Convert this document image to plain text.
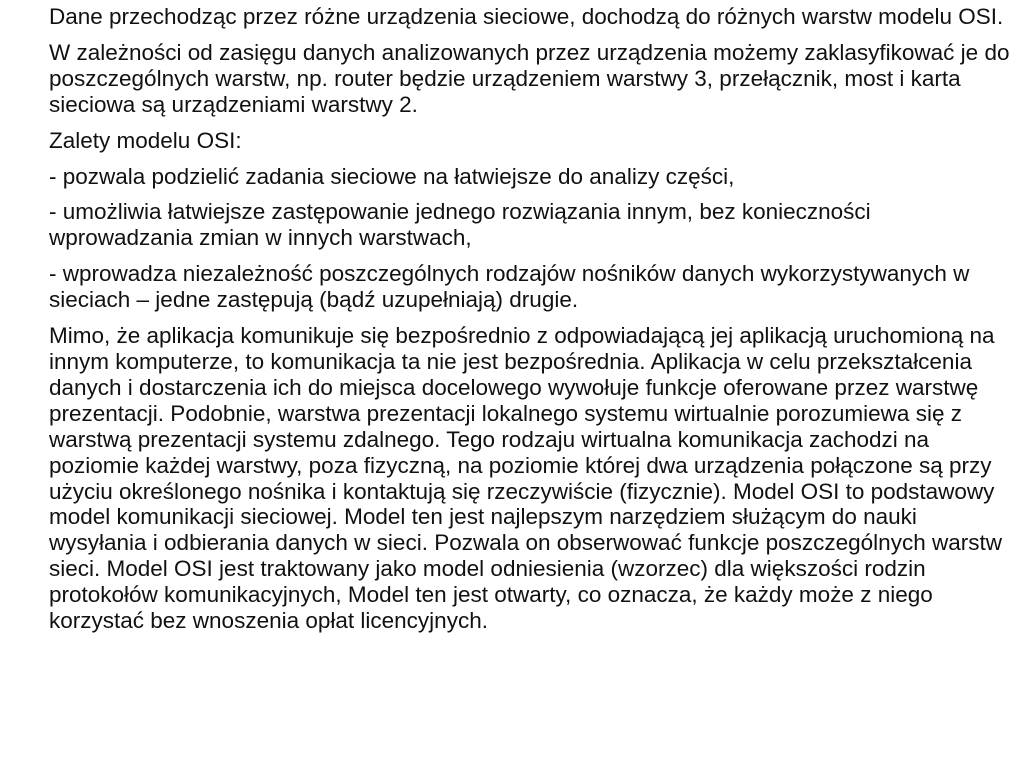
Dane przechodząc przez różne urządzenia sieciowe, dochodzą do różnych warstw modelu OSI.

W zależności od zasięgu danych analizowanych przez urządzenia możemy zaklasyfikować je do poszczególnych warstw, np. router będzie urządzeniem warstwy 3, przełącznik, most i karta sieciowa są urządzeniami warstwy 2.

Zalety modelu OSI:

- pozwala podzielić zadania sieciowe na łatwiejsze do analizy części,

- umożliwia łatwiejsze zastępowanie jednego rozwiązania innym, bez konieczności wprowadzania zmian w innych warstwach,

- wprowadza niezależność poszczególnych rodzajów nośników danych wykorzystywanych w sieciach – jedne zastępują (bądź uzupełniają) drugie.

Mimo, że aplikacja komunikuje się bezpośrednio z odpowiadającą jej aplikacją uruchomioną na innym komputerze, to komunikacja ta nie jest bezpośrednia. Aplikacja w celu przekształcenia danych i dostarczenia ich do miejsca docelowego wywołuje funkcje oferowane przez warstwę prezentacji. Podobnie, warstwa prezentacji lokalnego systemu wirtualnie porozumiewa się z warstwą prezentacji systemu zdalnego. Tego rodzaju wirtualna komunikacja zachodzi na poziomie każdej warstwy, poza fizyczną, na poziomie której dwa urządzenia połączone są przy użyciu określonego nośnika i kontaktują się rzeczywiście (fizycznie). Model OSI to podstawowy model komunikacji sieciowej. Model ten jest najlepszym narzędziem służącym do nauki wysyłania i odbierania danych w sieci. Pozwala on obserwować funkcje poszczególnych warstw sieci. Model OSI jest traktowany jako model odniesienia (wzorzec) dla większości rodzin protokołów komunikacyjnych, Model ten jest otwarty, co oznacza, że każdy może z niego korzystać bez wnoszenia opłat licencyjnych.
